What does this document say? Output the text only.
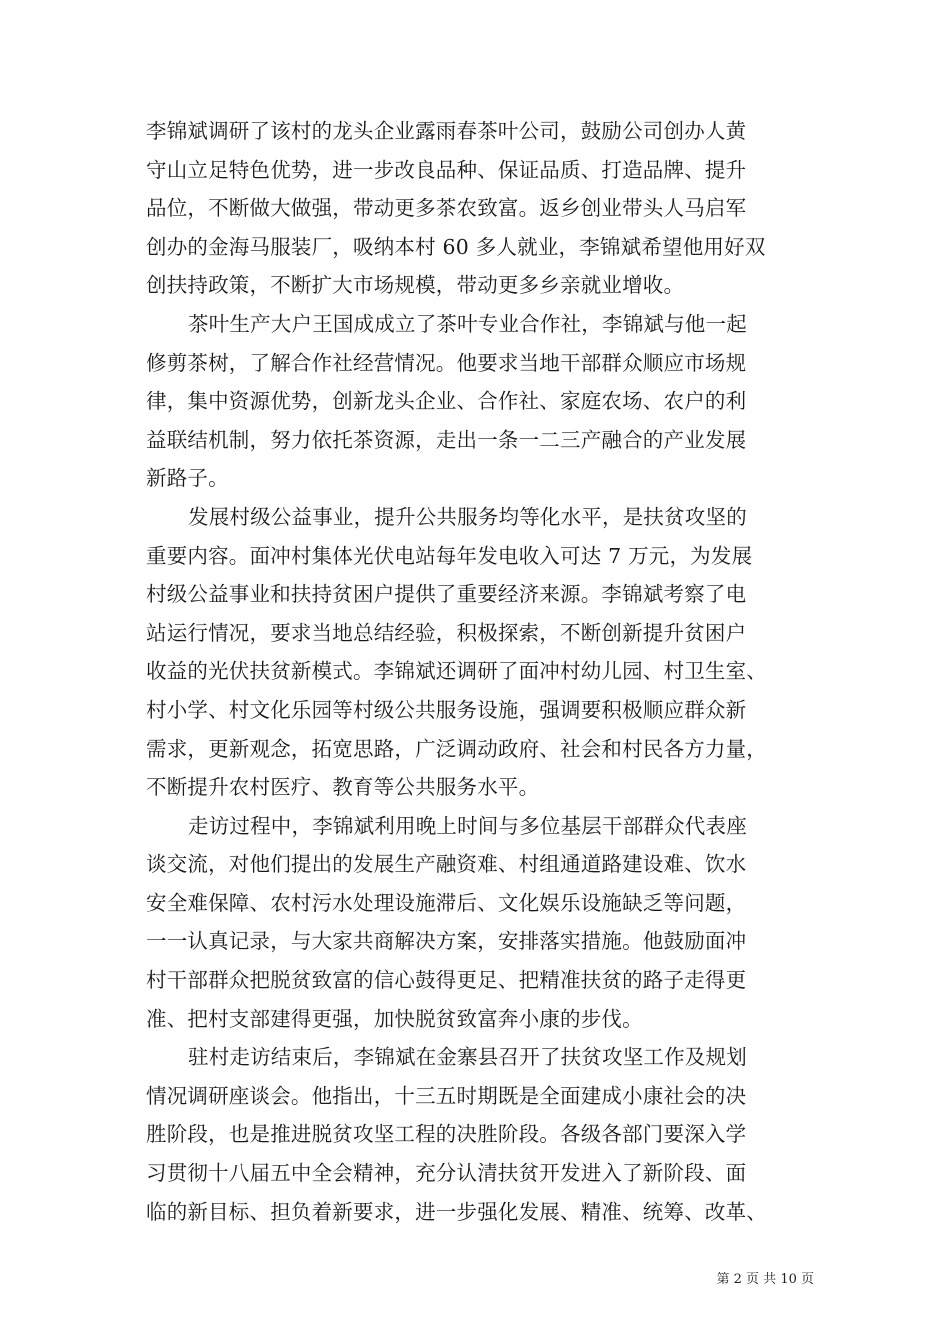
李锦斌调研了该村的龙头企业露雨春茶叶公司，鼓励公司创办人黄
守山立足特色优势，进一步改良品种、保证品质、打造品牌、提升
品位，不断做大做强，带动更多茶农致富。返乡创业带头人马启军
创办的金海马服装厂，吸纳本村 60 多人就业，李锦斌希望他用好双
创扶持政策，不断扩大市场规模，带动更多乡亲就业增收。
茶叶生产大户王国成成立了茶叶专业合作社，李锦斌与他一起
修剪茶树，了解合作社经营情况。他要求当地干部群众顺应市场规
律，集中资源优势，创新龙头企业、合作社、家庭农场、农户的利
益联结机制，努力依托茶资源，走出一条一二三产融合的产业发展
新路子。
发展村级公益事业，提升公共服务均等化水平，是扶贫攻坚的
重要内容。面冲村集体光伏电站每年发电收入可达 7 万元，为发展
村级公益事业和扶持贫困户提供了重要经济来源。李锦斌考察了电
站运行情况，要求当地总结经验，积极探索，不断创新提升贫困户
收益的光伏扶贫新模式。李锦斌还调研了面冲村幼儿园、村卫生室、
村小学、村文化乐园等村级公共服务设施，强调要积极顺应群众新
需求，更新观念，拓宽思路，广泛调动政府、社会和村民各方力量，
不断提升农村医疗、教育等公共服务水平。
走访过程中，李锦斌利用晚上时间与多位基层干部群众代表座
谈交流，对他们提出的发展生产融资难、村组通道路建设难、饮水
安全难保障、农村污水处理设施滞后、文化娱乐设施缺乏等问题，
一一认真记录，与大家共商解决方案，安排落实措施。他鼓励面冲
村干部群众把脱贫致富的信心鼓得更足、把精准扶贫的路子走得更
准、把村支部建得更强，加快脱贫致富奔小康的步伐。
驻村走访结束后，李锦斌在金寨县召开了扶贫攻坚工作及规划
情况调研座谈会。他指出，十三五时期既是全面建成小康社会的决
胜阶段，也是推进脱贫攻坚工程的决胜阶段。各级各部门要深入学
习贯彻十八届五中全会精神，充分认清扶贫开发进入了新阶段、面
临的新目标、担负着新要求，进一步强化发展、精准、统筹、改革、
第 2 页 共 10 页
